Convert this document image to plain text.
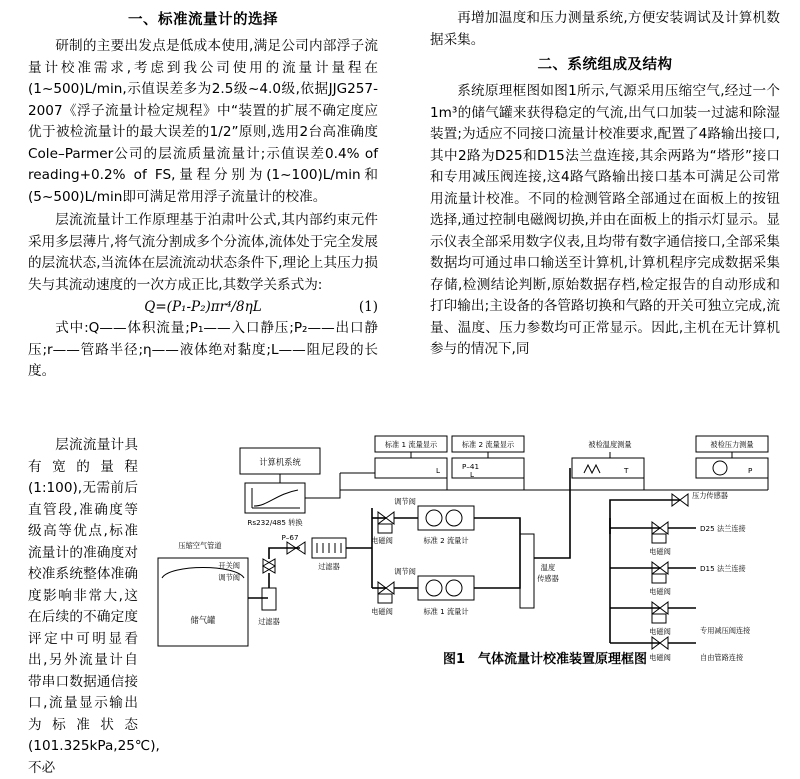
一、标准流量计的选择

研制的主要出发点是低成本使用,满足公司内部浮子流量计校准需求,考虑到我公司使用的流量计量程在(1~500)L/min,示值误差多为2.5级~4.0级,依据JJG257-2007《浮子流量计检定规程》中“装置的扩展不确定度应优于被检流量计的最大误差的1/2”原则,选用2台高准确度Cole–Parmer公司的层流质量流量计;示值误差0.4% of reading+0.2% of FS,量程分别为(1~100)L/min和(5~500)L/min即可满足常用浮子流量计的校准。

层流流量计工作原理基于泊肃叶公式,其内部约束元件采用多层薄片,将气流分割成多个分流体,流体处于完全发展的层流状态,当流体在层流流动状态条件下,理论上其压力损失与其流动速度的一次方成正比,其数学关系式为:

Q=(P₁-P₂)πr⁴/8ηL	(1)

式中:Q——体积流量;P₁——入口静压;P₂——出口静压;r——管路半径;η——液体绝对黏度;L——阻尼段的长度。

层流流量计具有宽的量程(1:100),无需前后直管段,准确度等级高等优点,标准流量计的准确度对校准系统整体准确度影响非常大,这在后续的不确定度评定中可明显看出,另外流量计自带串口数据通信接口,流量显示输出为标准状态(101.325kPa,25℃),不必

再增加温度和压力测量系统,方便安装调试及计算机数据采集。

二、系统组成及结构

系统原理框图如图1所示,气源采用压缩空气,经过一个1m³的储气罐来获得稳定的气流,出气口加装一过滤和除湿装置;为适应不同接口流量计校准要求,配置了4路输出接口,其中2路为D25和D15法兰盘连接,其余两路为“塔形”接口和专用减压阀连接,这4路气路输出接口基本可满足公司常用流量计校准。不同的检测管路全部通过在面板上的按钮选择,通过控制电磁阀切换,并由在面板上的指示灯显示。显示仪表全部采用数字仪表,且均带有数字通信接口,全部采集数据均可通过串口输送至计算机,计算机程序完成数据采集存储,检测结论判断,原始数据存档,检定报告的自动形成和打印输出;主设备的各管路切换和气路的开关可独立完成,流量、温度、压力参数均可正常显示。因此,主机在无计算机参与的情况下,同

计算机系统
Rs232/485 转换
标准 1 流量显示	标准 2 流量显示	被检温度测量	被检压力测量
L	P–41
L	T	P
压缩空气管道
储气罐	过滤器
开关阀
调节阀
P–67
过滤器
电磁阀
调节阀
标准 2 流量计
电磁阀
调节阀
标准 1 流量计
温度
传感器
压力传感器
电磁阀
D25 法兰连接
电磁阀
D15 法兰连接
电磁阀	专用减压阀连接
电磁阀	自由管路连接
图1　气体流量计校准装置原理框图
